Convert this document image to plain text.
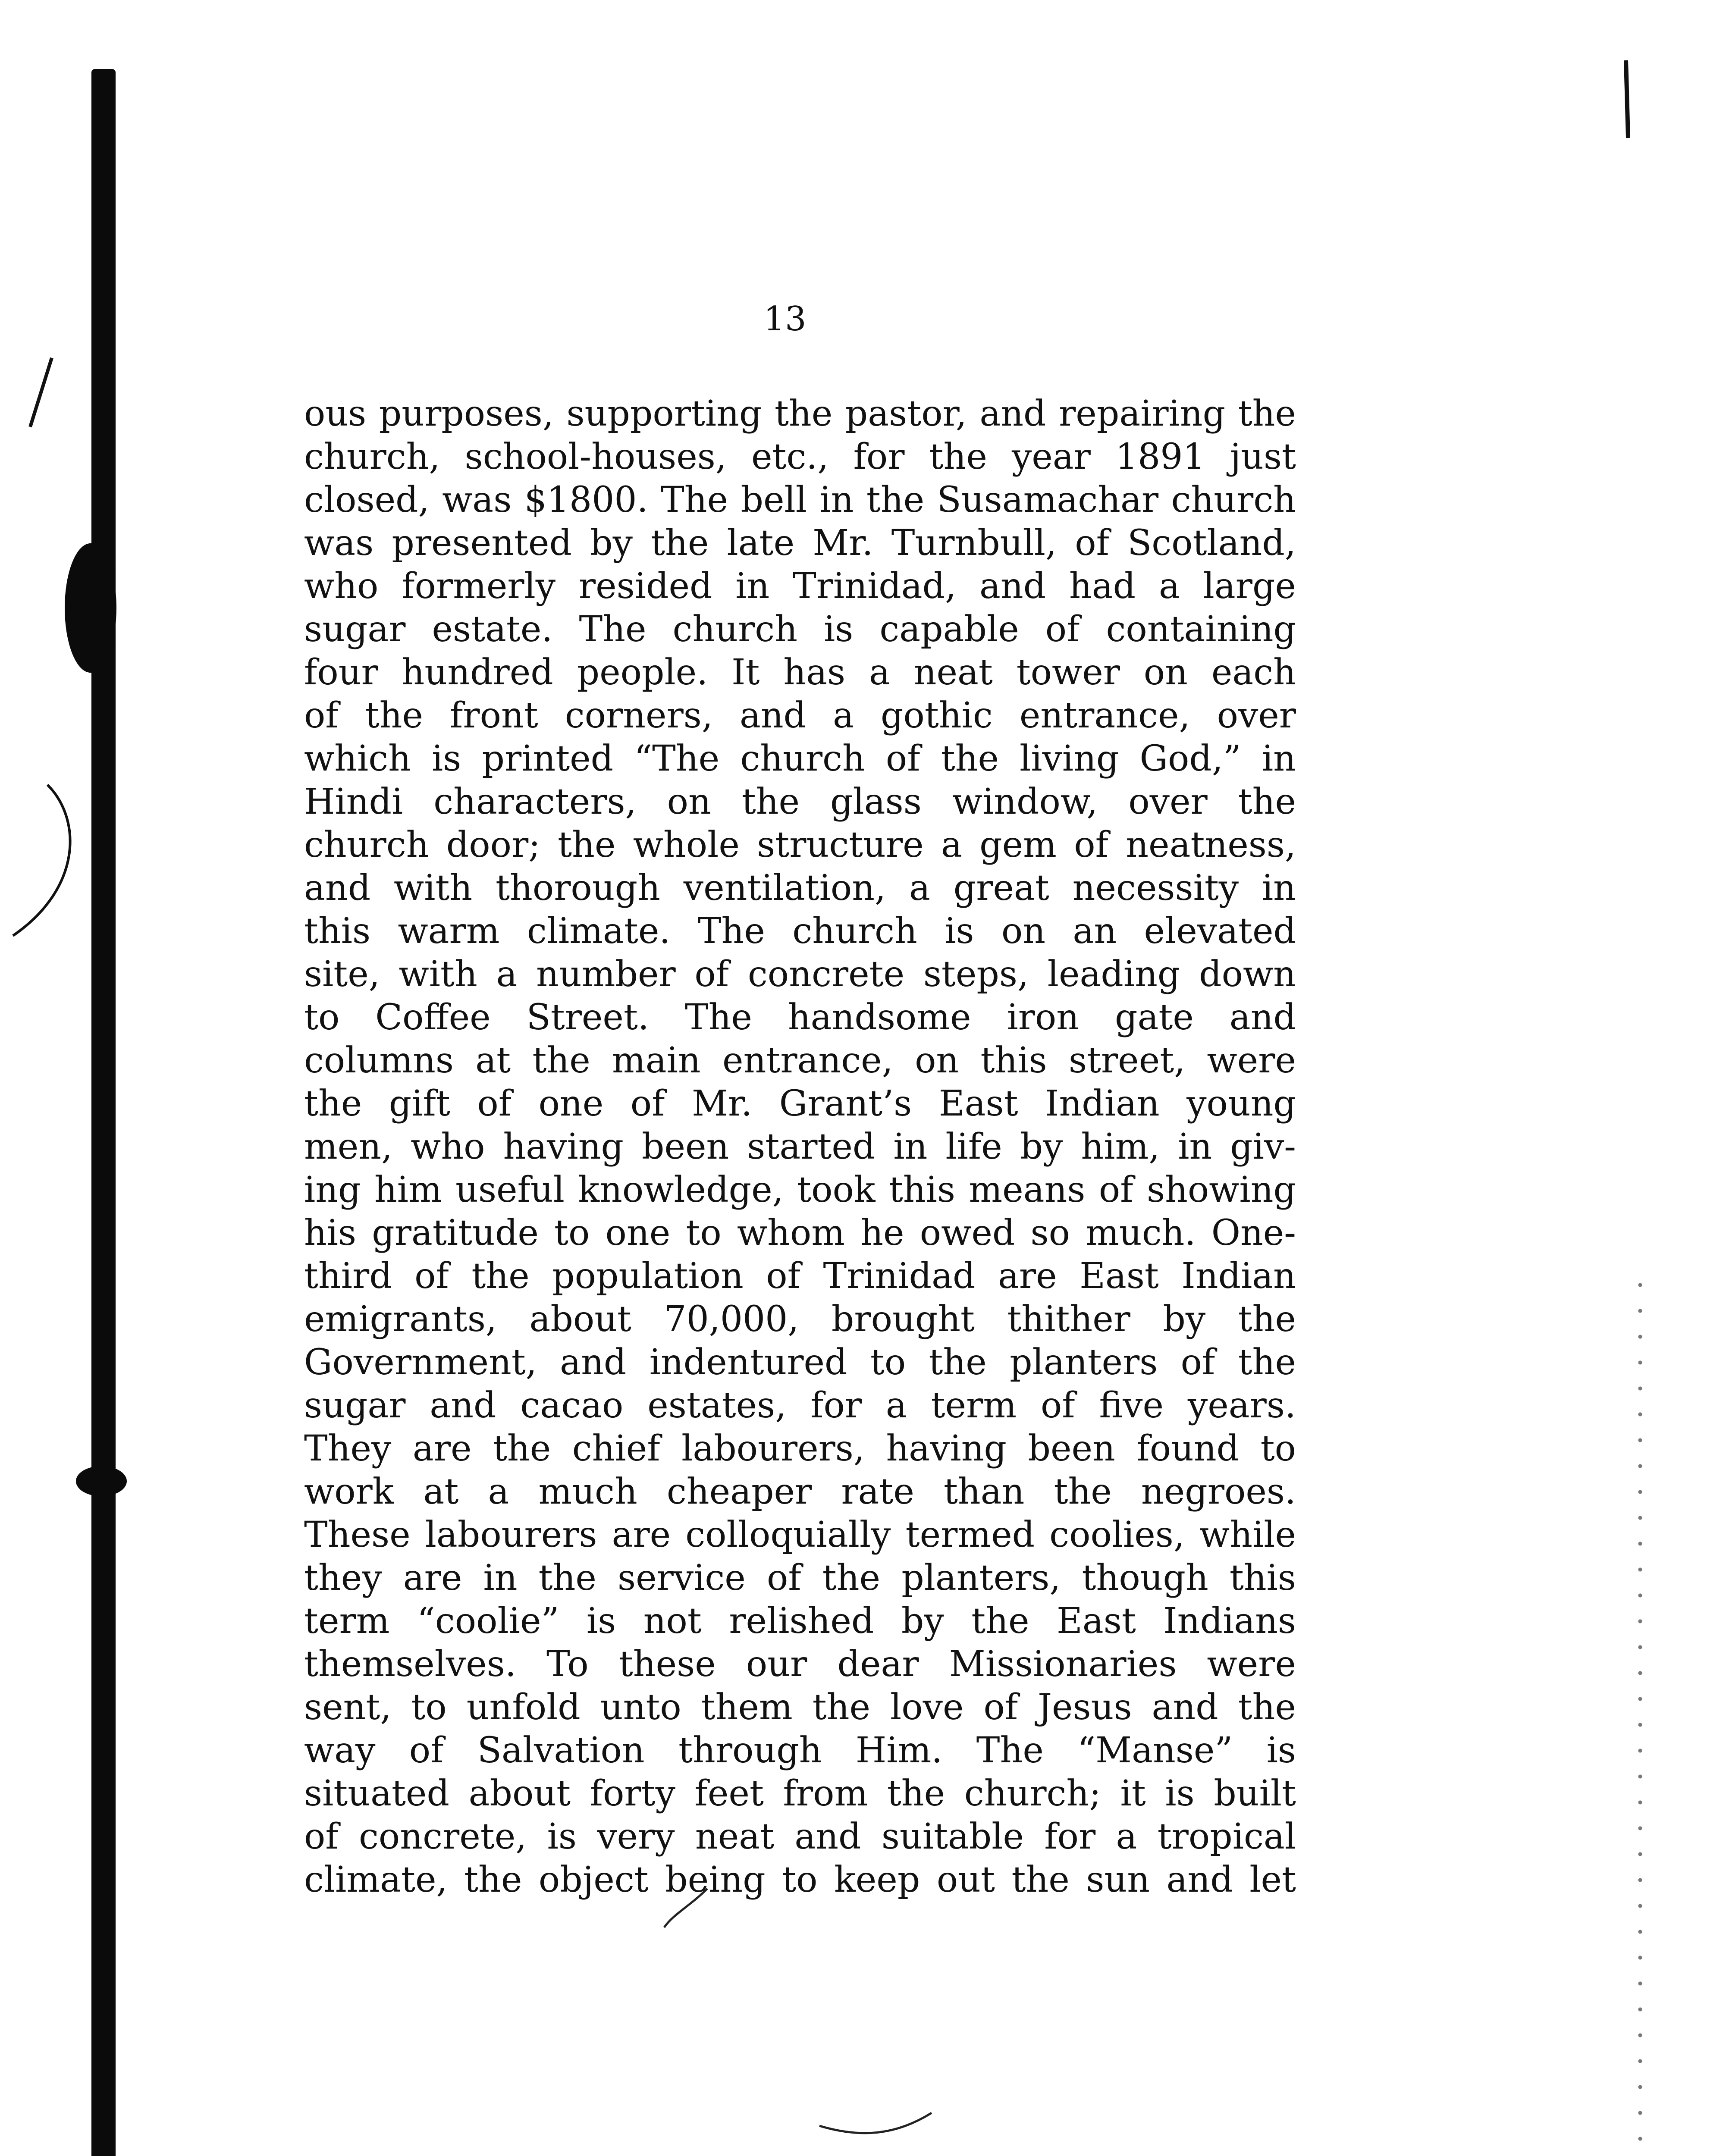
13
ous purposes, supporting the pastor, and repairing the
church, school-houses, etc., for the year 1891 just
closed, was $1800. The bell in the Susamachar church
was presented by the late Mr. Turnbull, of Scotland,
who formerly resided in Trinidad, and had a large
sugar estate. The church is capable of containing
four hundred people. It has a neat tower on each
of the front corners, and a gothic entrance, over
which is printed “The church of the living God,” in
Hindi characters, on the glass window, over the
church door; the whole structure a gem of neatness,
and with thorough ventilation, a great necessity in
this warm climate. The church is on an elevated
site, with a number of concrete steps, leading down
to Coffee Street. The handsome iron gate and
columns at the main entrance, on this street, were
the gift of one of Mr. Grant’s East Indian young
men, who having been started in life by him, in giv-
ing him useful knowledge, took this means of showing
his gratitude to one to whom he owed so much. One-
third of the population of Trinidad are East Indian
emigrants, about 70,000, brought thither by the
Government, and indentured to the planters of the
sugar and cacao estates, for a term of five years.
They are the chief labourers, having been found to
work at a much cheaper rate than the negroes.
These labourers are colloquially termed coolies, while
they are in the service of the planters, though this
term “coolie” is not relished by the East Indians
themselves. To these our dear Missionaries were
sent, to unfold unto them the love of Jesus and the
way of Salvation through Him. The “Manse” is
situated about forty feet from the church; it is built
of concrete, is very neat and suitable for a tropical
climate, the object being to keep out the sun and let
